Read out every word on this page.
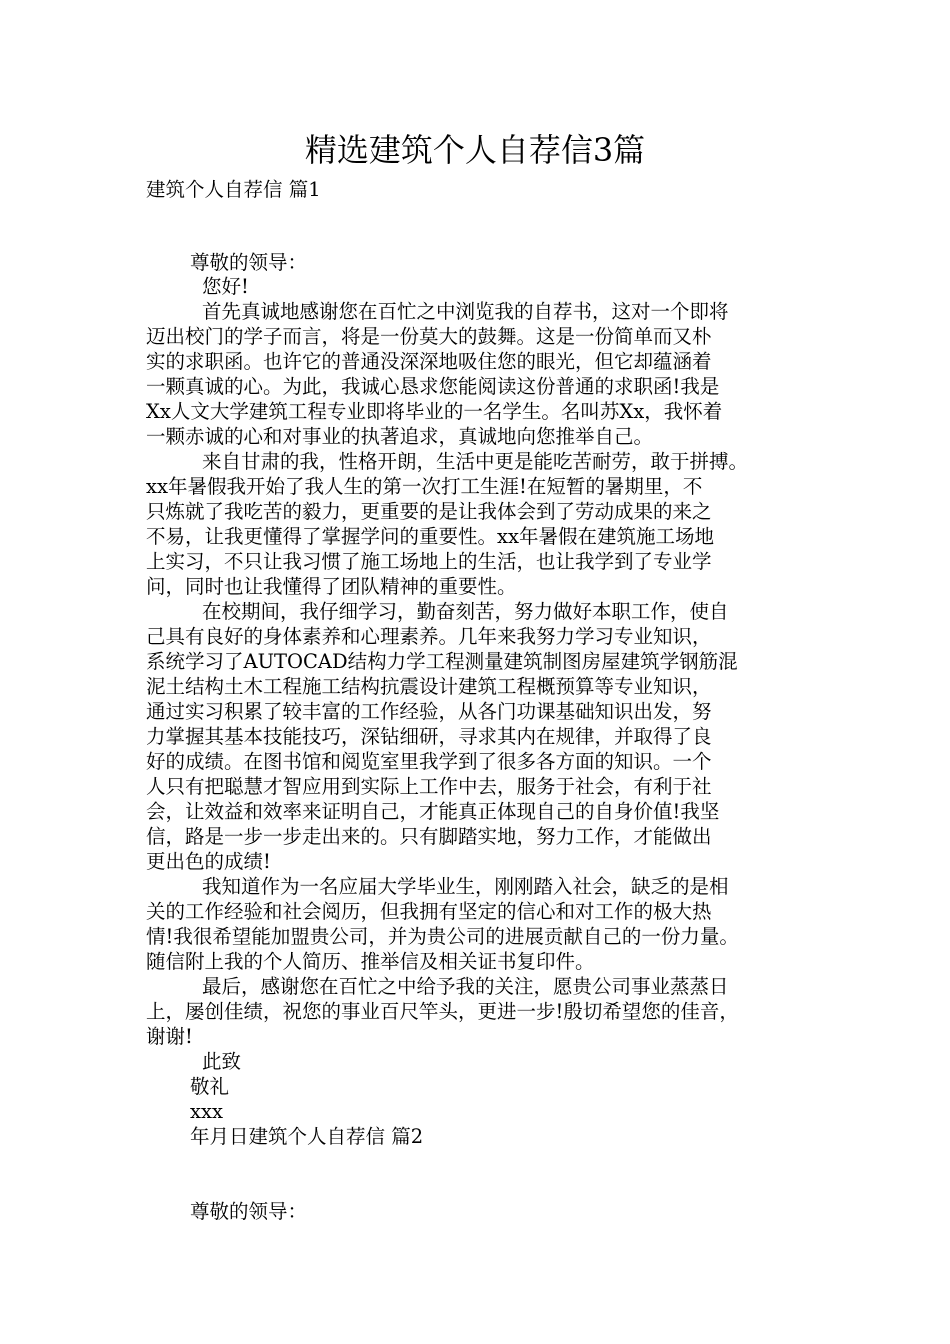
精选建筑个人自荐信3篇
建筑个人自荐信 篇1
尊敬的领导：
您好!
首先真诚地感谢您在百忙之中浏览我的自荐书，这对一个即将
迈出校门的学子而言，将是一份莫大的鼓舞。这是一份简单而又朴
实的求职函。也许它的普通没深深地吸住您的眼光，但它却蕴涵着
一颗真诚的心。为此，我诚心恳求您能阅读这份普通的求职函!我是
Xx人文大学建筑工程专业即将毕业的一名学生。名叫苏Xx，我怀着
一颗赤诚的心和对事业的执著追求，真诚地向您推举自己。
来自甘肃的我，性格开朗，生活中更是能吃苦耐劳，敢于拼搏。
xx年暑假我开始了我人生的第一次打工生涯!在短暂的暑期里，不
只炼就了我吃苦的毅力，更重要的是让我体会到了劳动成果的来之
不易，让我更懂得了掌握学问的重要性。xx年暑假在建筑施工场地
上实习，不只让我习惯了施工场地上的生活，也让我学到了专业学
问，同时也让我懂得了团队精神的重要性。
在校期间，我仔细学习，勤奋刻苦，努力做好本职工作，使自
己具有良好的身体素养和心理素养。几年来我努力学习专业知识，
系统学习了AUTOCAD结构力学工程测量建筑制图房屋建筑学钢筋混
泥土结构土木工程施工结构抗震设计建筑工程概预算等专业知识，
通过实习积累了较丰富的工作经验，从各门功课基础知识出发，努
力掌握其基本技能技巧，深钻细研，寻求其内在规律，并取得了良
好的成绩。在图书馆和阅览室里我学到了很多各方面的知识。一个
人只有把聪慧才智应用到实际上工作中去，服务于社会，有利于社
会，让效益和效率来证明自己，才能真正体现自己的自身价值!我坚
信，路是一步一步走出来的。只有脚踏实地，努力工作，才能做出
更出色的成绩!
我知道作为一名应届大学毕业生，刚刚踏入社会，缺乏的是相
关的工作经验和社会阅历，但我拥有坚定的信心和对工作的极大热
情!我很希望能加盟贵公司，并为贵公司的进展贡献自己的一份力量。
随信附上我的个人简历、推举信及相关证书复印件。
最后，感谢您在百忙之中给予我的关注，愿贵公司事业蒸蒸日
上，屡创佳绩，祝您的事业百尺竿头，更进一步!殷切希望您的佳音，
谢谢!
此致
敬礼
xxx
年月日建筑个人自荐信 篇2
尊敬的领导：
